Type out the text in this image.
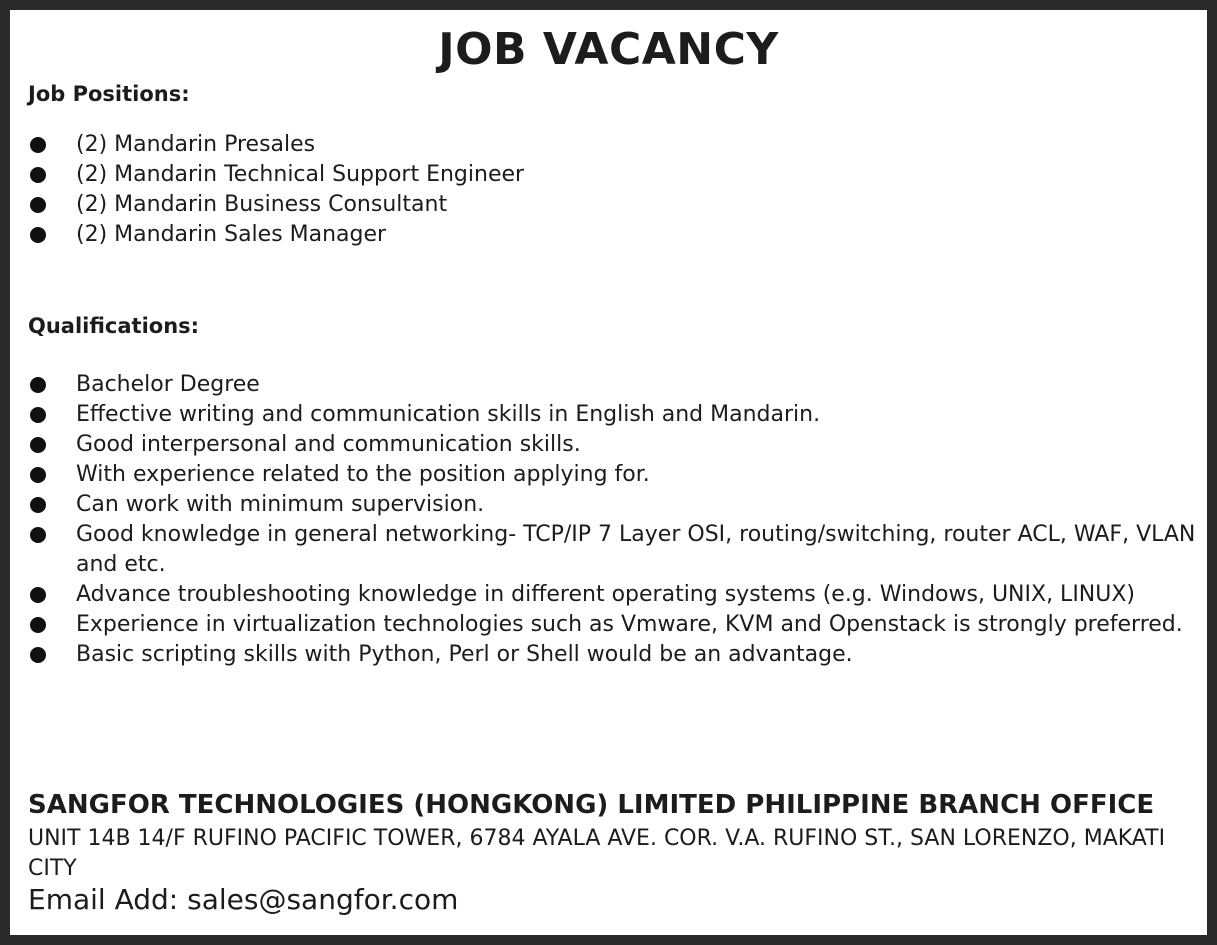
JOB VACANCY
Job Positions:
(2) Mandarin Presales
(2) Mandarin Technical Support Engineer
(2) Mandarin Business Consultant
(2) Mandarin Sales Manager
Qualifications:
Bachelor Degree
Effective writing and communication skills in English and Mandarin.
Good interpersonal and communication skills.
With experience related to the position applying for.
Can work with minimum supervision.
Good knowledge in general networking- TCP/IP 7 Layer OSI, routing/switching, router ACL, WAF, VLAN and etc.
Advance troubleshooting knowledge in different operating systems (e.g. Windows, UNIX, LINUX)
Experience in virtualization technologies such as Vmware, KVM and Openstack is strongly preferred.
Basic scripting skills with Python, Perl or Shell would be an advantage.
SANGFOR TECHNOLOGIES (HONGKONG) LIMITED PHILIPPINE BRANCH OFFICE
UNIT 14B 14/F RUFINO PACIFIC TOWER, 6784 AYALA AVE. COR. V.A. RUFINO ST., SAN LORENZO, MAKATI CITY
Email Add: sales@sangfor.com
